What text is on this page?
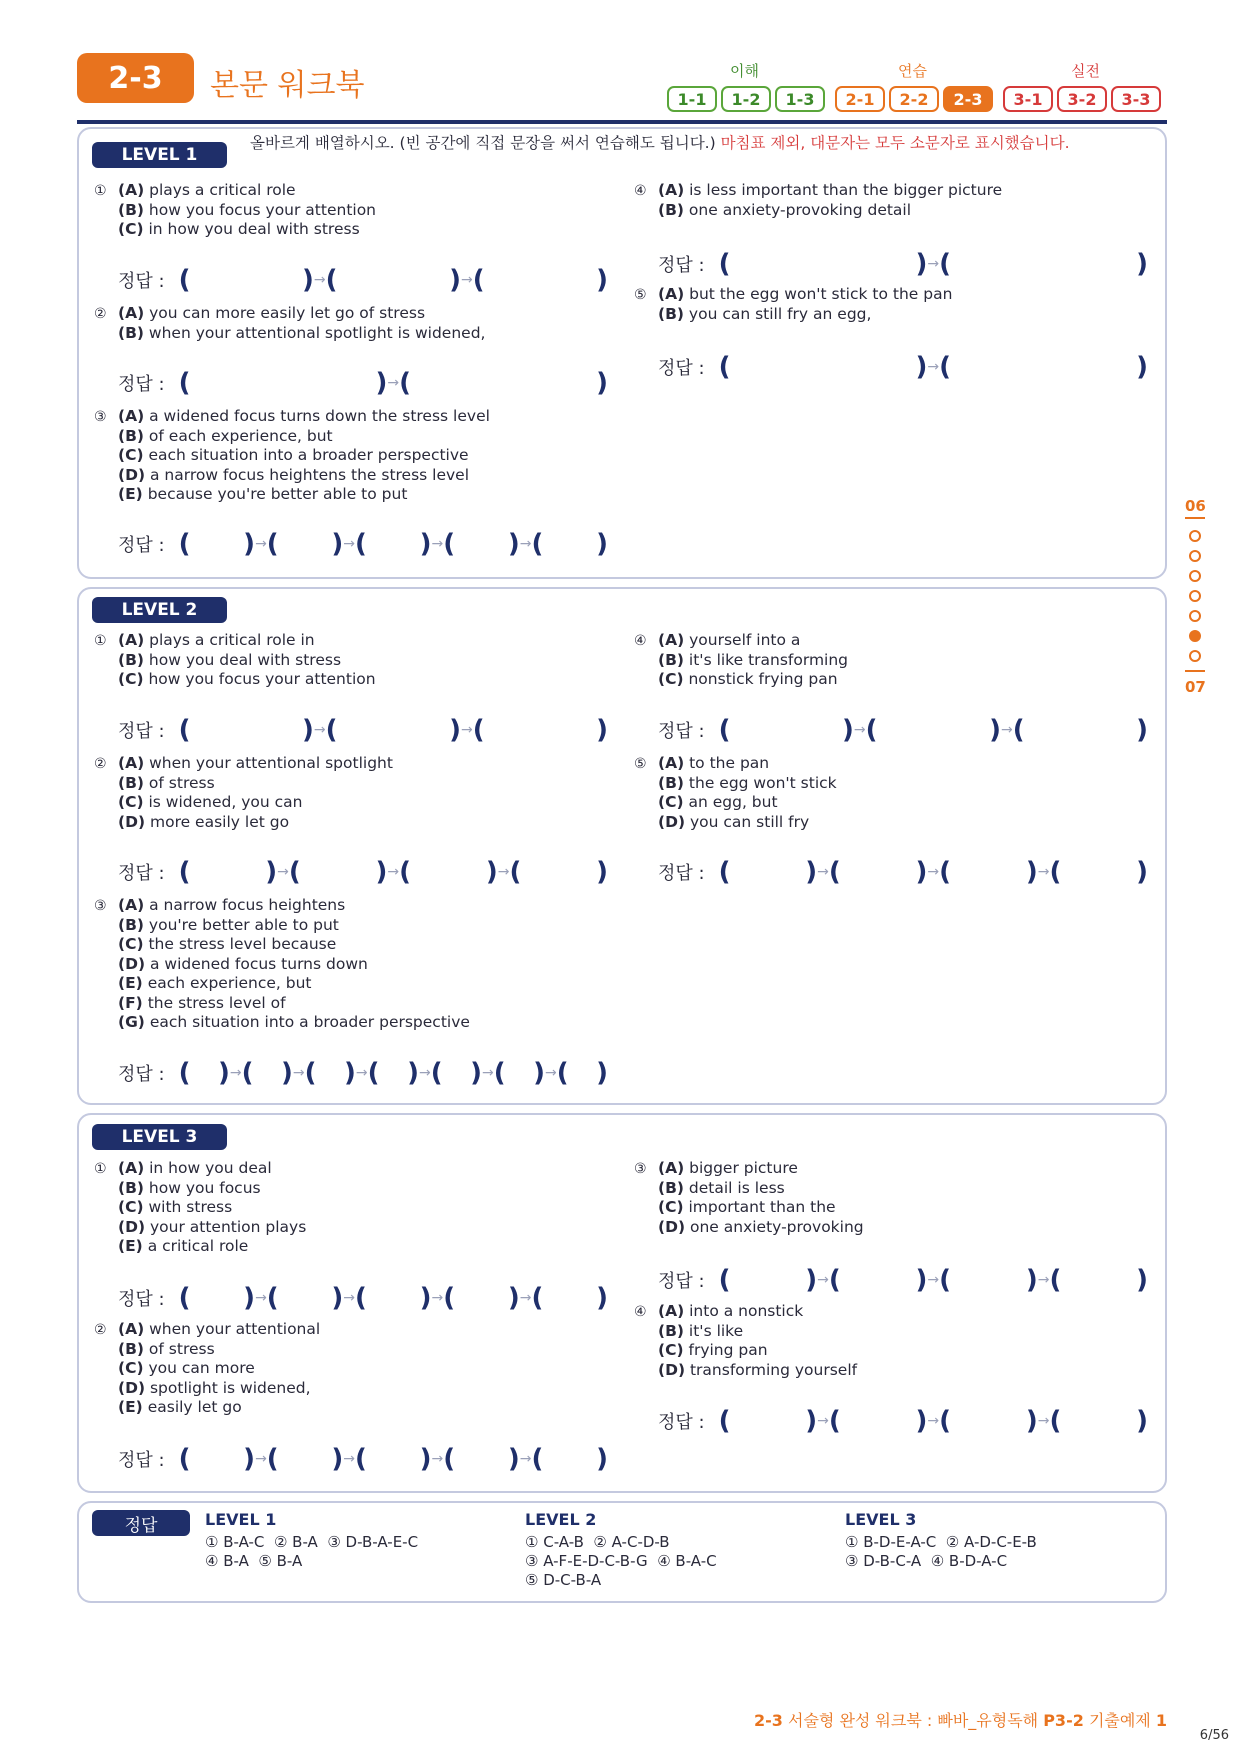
2-3	본문 워크북	이해	연습	실전
1-1	1-2	1-3	2-1	2-2	2-3	3-1	3-2	3-3
LEVEL 1
올바르게 배열하시오. (빈 공간에 직접 문장을 써서 연습해도 됩니다.) 마침표 제외, 대문자는 모두 소문자로 표시했습니다.
① (A) plays a critical role
(B) how you focus your attention
(C) in how you deal with stress
정답 : (	) → (	) → (	)
② (A) you can more easily let go of stress
(B) when your attentional spotlight is widened,
정답 : (	) → (	)
③ (A) a widened focus turns down the stress level
(B) of each experience, but
(C) each situation into a broader perspective
(D) a narrow focus heightens the stress level
(E) because you're better able to put
정답 : ( ) → ( ) → ( ) → ( ) → ( )
④ (A) is less important than the bigger picture
(B) one anxiety-provoking detail
정답 : (	) → (	)
⑤ (A) but the egg won't stick to the pan
(B) you can still fry an egg,
정답 : (	) → (	)
LEVEL 2
① (A) plays a critical role in
(B) how you deal with stress
(C) how you focus your attention
정답 : (	) → (	) → (	)
② (A) when your attentional spotlight
(B) of stress
(C) is widened, you can
(D) more easily let go
정답 : (	) → (	) → (	) → (	)
③ (A) a narrow focus heightens
(B) you're better able to put
(C) the stress level because
(D) a widened focus turns down
(E) each experience, but
(F) the stress level of
(G) each situation into a broader perspective
정답 : ( ) → ( ) → ( ) → ( ) → ( ) → ( ) → ( )
④ (A) yourself into a
(B) it's like transforming
(C) nonstick frying pan
정답 : (	) → (	) → (	)
⑤ (A) to the pan
(B) the egg won't stick
(C) an egg, but
(D) you can still fry
정답 : (	) → (	) → (	) → (	)
LEVEL 3
① (A) in how you deal
(B) how you focus
(C) with stress
(D) your attention plays
(E) a critical role
정답 : ( ) → ( ) → ( ) → ( ) → ( )
② (A) when your attentional
(B) of stress
(C) you can more
(D) spotlight is widened,
(E) easily let go
정답 : ( ) → ( ) → ( ) → ( ) → ( )
③ (A) bigger picture
(B) detail is less
(C) important than the
(D) one anxiety-provoking
정답 : (	) → (	) → (	) → (	)
④ (A) into a nonstick
(B) it's like
(C) frying pan
(D) transforming yourself
정답 : (	) → (	) → (	) → (	)
정답	LEVEL 1
① B-A-C  ② B-A  ③ D-B-A-E-C
④ B-A  ⑤ B-A
LEVEL 2
① C-A-B  ② A-C-D-B
③ A-F-E-D-C-B-G  ④ B-A-C
⑤ D-C-B-A
LEVEL 3
① B-D-E-A-C  ② A-D-C-E-B
③ D-B-C-A  ④ B-D-A-C
06
07
2-3 서술형 완성 워크북 : 빠바_유형독해 P3-2 기출예제 1
6/56
